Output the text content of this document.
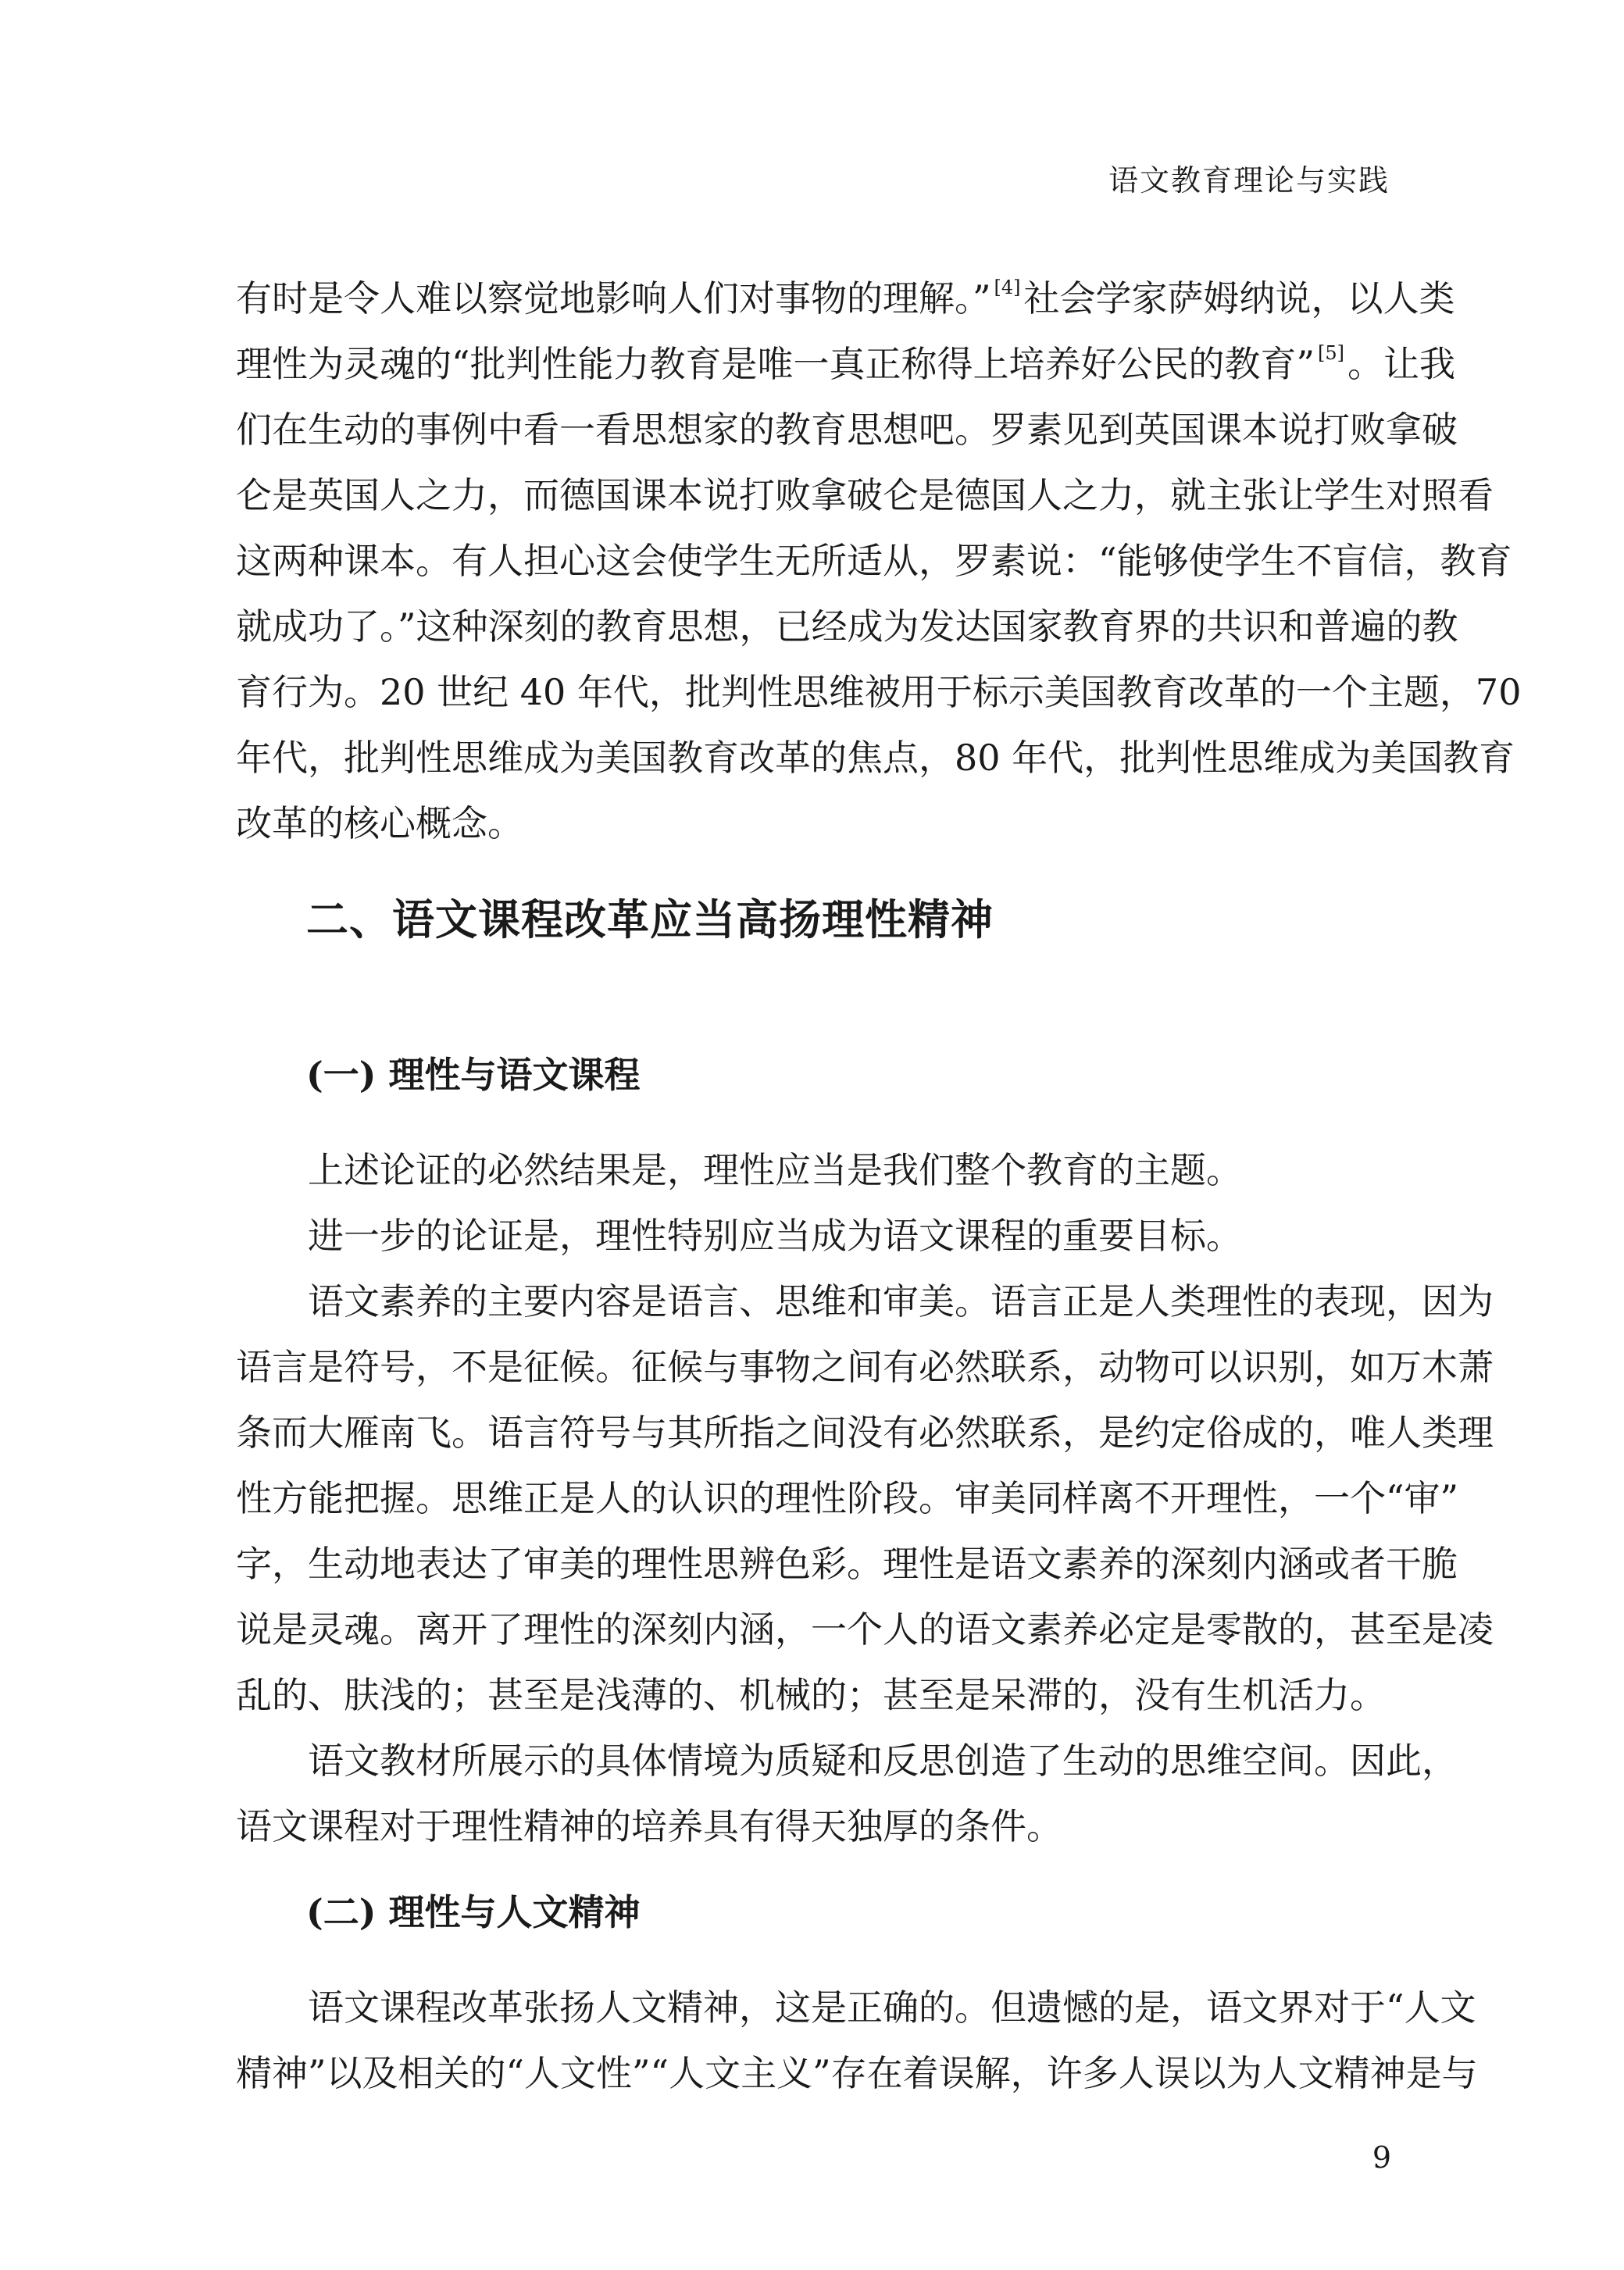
语文教育理论与实践
有时是令人难以察觉地影响人们对事物的理解。” [4]社会学家萨姆纳说，以人类
理性为灵魂的“批判性能力教育是唯一真正称得上培养好公民的教育” [5]。让我
们在生动的事例中看一看思想家的教育思想吧。罗素见到英国课本说打败拿破
仑是英国人之力，而德国课本说打败拿破仑是德国人之力，就主张让学生对照看
这两种课本。有人担心这会使学生无所适从，罗素说：“能够使学生不盲信，教育
就成功了。”这种深刻的教育思想，已经成为发达国家教育界的共识和普遍的教
育行为。20 世纪 40 年代，批判性思维被用于标示美国教育改革的一个主题，70
年代，批判性思维成为美国教育改革的焦点，80 年代，批判性思维成为美国教育
改革的核心概念。
二、语文课程改革应当高扬理性精神
(一) 理性与语文课程
上述论证的必然结果是，理性应当是我们整个教育的主题。
进一步的论证是，理性特别应当成为语文课程的重要目标。
语文素养的主要内容是语言、思维和审美。语言正是人类理性的表现，因为
语言是符号，不是征候。征候与事物之间有必然联系，动物可以识别，如万木萧
条而大雁南飞。语言符号与其所指之间没有必然联系，是约定俗成的，唯人类理
性方能把握。思维正是人的认识的理性阶段。审美同样离不开理性，一个“审”
字，生动地表达了审美的理性思辨色彩。理性是语文素养的深刻内涵或者干脆
说是灵魂。离开了理性的深刻内涵，一个人的语文素养必定是零散的，甚至是凌
乱的、肤浅的；甚至是浅薄的、机械的；甚至是呆滞的，没有生机活力。
语文教材所展示的具体情境为质疑和反思创造了生动的思维空间。因此，
语文课程对于理性精神的培养具有得天独厚的条件。
(二) 理性与人文精神
语文课程改革张扬人文精神，这是正确的。但遗憾的是，语文界对于“人文
精神”以及相关的“人文性”“人文主义”存在着误解，许多人误以为人文精神是与
9
